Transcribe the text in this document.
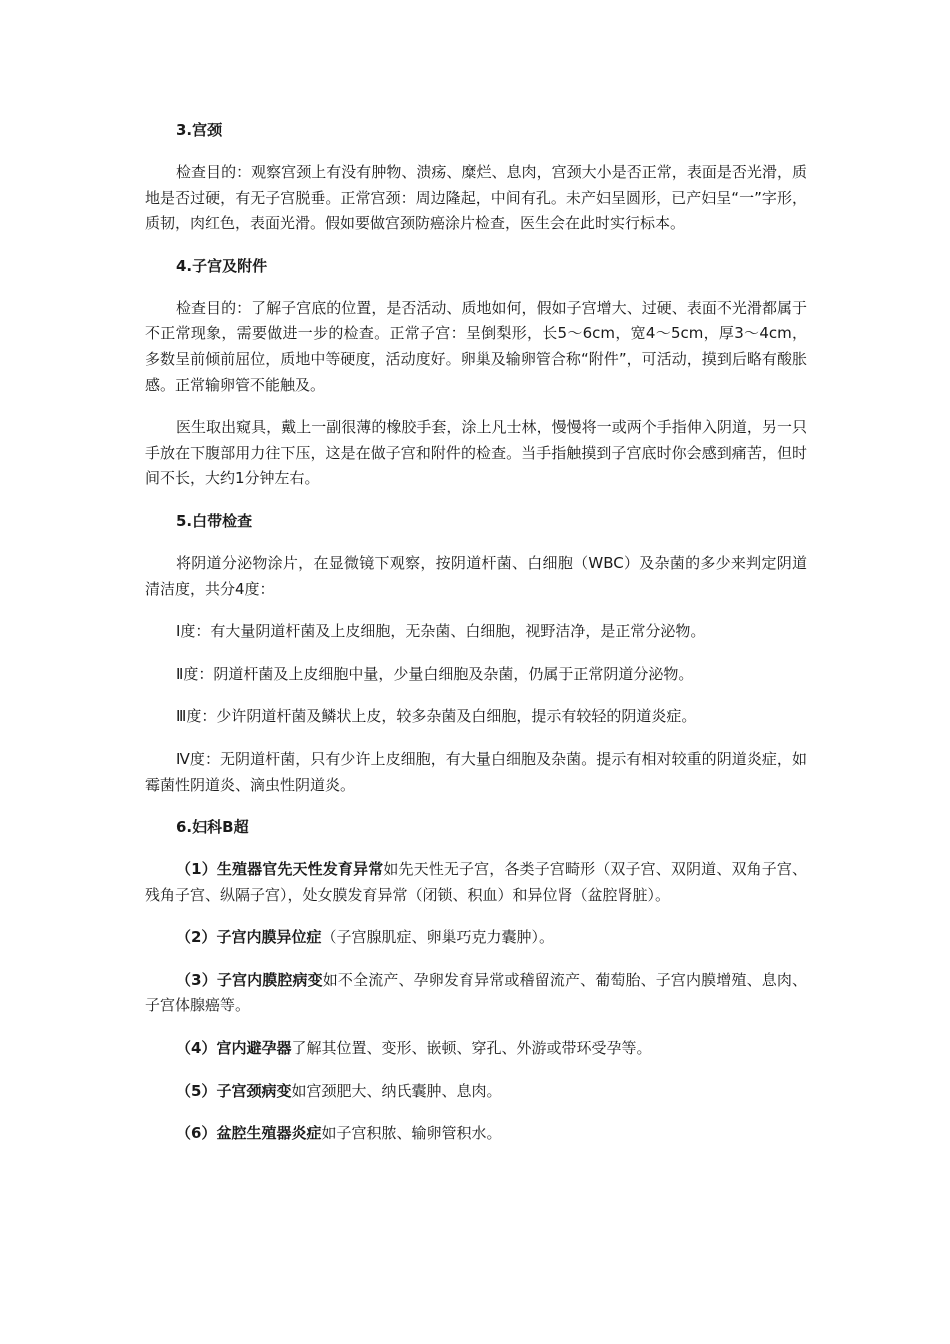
3.宫颈

检查目的：观察宫颈上有没有肿物、溃疡、糜烂、息肉，宫颈大小是否正常，表面是否光滑，质地是否过硬，有无子宫脱垂。正常宫颈：周边隆起，中间有孔。未产妇呈圆形，已产妇呈“一”字形，质韧，肉红色，表面光滑。假如要做宫颈防癌涂片检查，医生会在此时实行标本。

4.子宫及附件

检查目的：了解子宫底的位置，是否活动、质地如何，假如子宫增大、过硬、表面不光滑都属于不正常现象，需要做进一步的检查。正常子宫：呈倒梨形，长5～6cm，宽4～5cm，厚3～4cm，多数呈前倾前屈位，质地中等硬度，活动度好。卵巢及输卵管合称“附件”，可活动，摸到后略有酸胀感。正常输卵管不能触及。

医生取出窥具，戴上一副很薄的橡胶手套，涂上凡士林，慢慢将一或两个手指伸入阴道，另一只手放在下腹部用力往下压，这是在做子宫和附件的检查。当手指触摸到子宫底时你会感到痛苦，但时间不长，大约1分钟左右。

5.白带检查

将阴道分泌物涂片，在显微镜下观察，按阴道杆菌、白细胞（WBC）及杂菌的多少来判定阴道清洁度，共分4度：

Ⅰ度：有大量阴道杆菌及上皮细胞，无杂菌、白细胞，视野洁净，是正常分泌物。

Ⅱ度：阴道杆菌及上皮细胞中量，少量白细胞及杂菌，仍属于正常阴道分泌物。

Ⅲ度：少许阴道杆菌及鳞状上皮，较多杂菌及白细胞，提示有较轻的阴道炎症。

Ⅳ度：无阴道杆菌，只有少许上皮细胞，有大量白细胞及杂菌。提示有相对较重的阴道炎症，如霉菌性阴道炎、滴虫性阴道炎。

6.妇科B超

（1）生殖器官先天性发育异常如先天性无子宫，各类子宫畸形（双子宫、双阴道、双角子宫、残角子宫、纵隔子宫），处女膜发育异常（闭锁、积血）和异位肾（盆腔肾脏）。

（2）子宫内膜异位症（子宫腺肌症、卵巢巧克力囊肿）。

（3）子宫内膜腔病变如不全流产、孕卵发育异常或稽留流产、葡萄胎、子宫内膜增殖、息肉、子宫体腺癌等。

（4）宫内避孕器了解其位置、变形、嵌顿、穿孔、外游或带环受孕等。

（5）子宫颈病变如宫颈肥大、纳氏囊肿、息肉。

（6）盆腔生殖器炎症如子宫积脓、输卵管积水。
